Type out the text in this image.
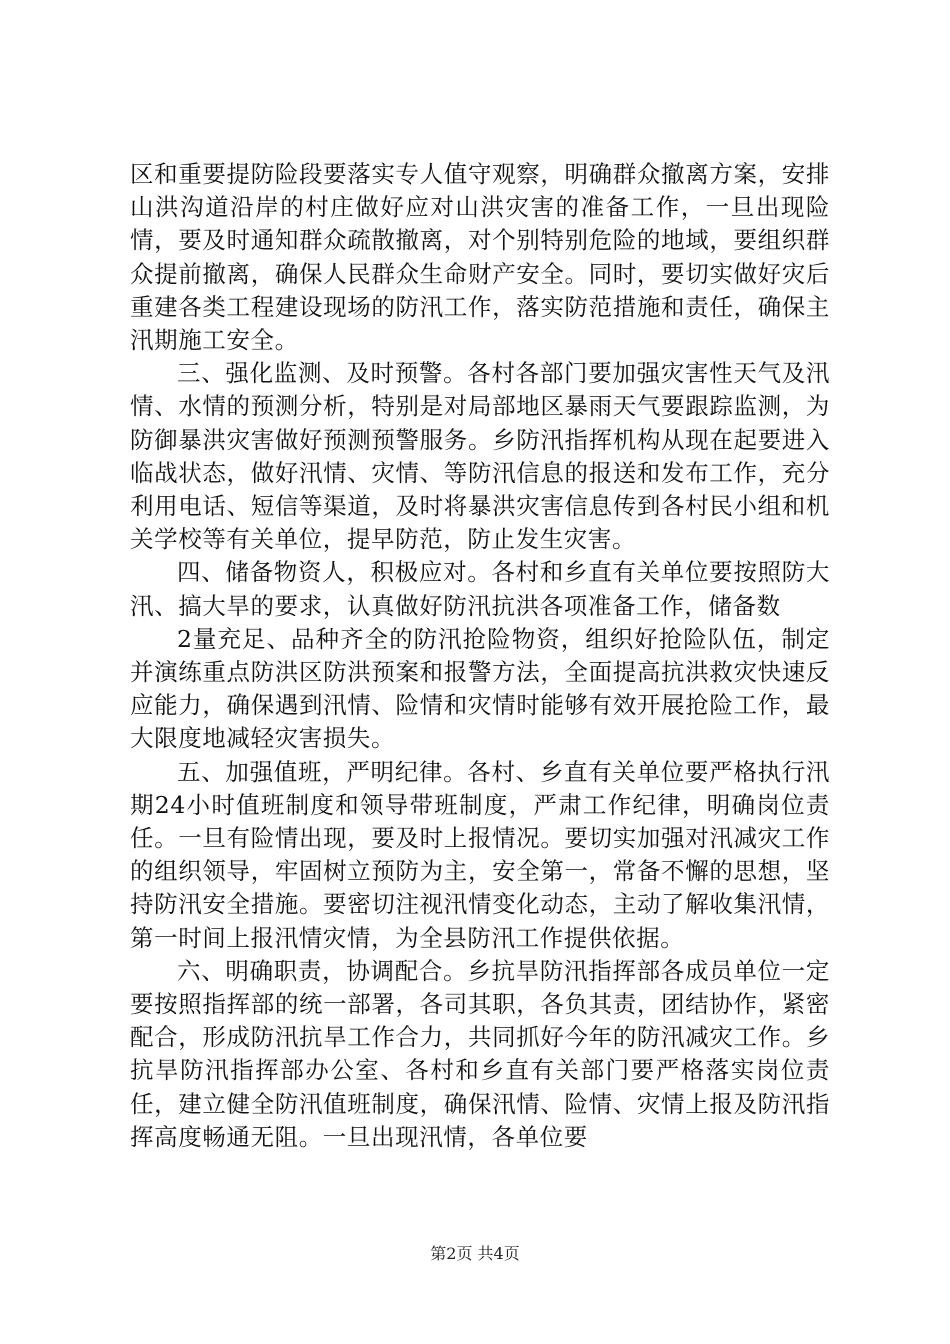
区和重要提防险段要落实专人值守观察，明确群众撤离方案，安排山洪沟道沿岸的村庄做好应对山洪灾害的准备工作，一旦出现险情，要及时通知群众疏散撤离，对个别特别危险的地域，要组织群众提前撤离，确保人民群众生命财产安全。同时，要切实做好灾后重建各类工程建设现场的防汛工作，落实防范措施和责任，确保主汛期施工安全。

三、强化监测、及时预警。各村各部门要加强灾害性天气及汛情、水情的预测分析，特别是对局部地区暴雨天气要跟踪监测，为防御暴洪灾害做好预测预警服务。乡防汛指挥机构从现在起要进入临战状态，做好汛情、灾情、等防汛信息的报送和发布工作，充分利用电话、短信等渠道，及时将暴洪灾害信息传到各村民小组和机关学校等有关单位，提早防范，防止发生灾害。

四、储备物资人，积极应对。各村和乡直有关单位要按照防大汛、搞大旱的要求，认真做好防汛抗洪各项准备工作，储备数

2量充足、品种齐全的防汛抢险物资，组织好抢险队伍，制定并演练重点防洪区防洪预案和报警方法，全面提高抗洪救灾快速反应能力，确保遇到汛情、险情和灾情时能够有效开展抢险工作，最大限度地减轻灾害损失。

五、加强值班，严明纪律。各村、乡直有关单位要严格执行汛期24小时值班制度和领导带班制度，严肃工作纪律，明确岗位责任。一旦有险情出现，要及时上报情况。要切实加强对汛减灾工作的组织领导，牢固树立预防为主，安全第一，常备不懈的思想，坚持防汛安全措施。要密切注视汛情变化动态，主动了解收集汛情，第一时间上报汛情灾情，为全县防汛工作提供依据。

六、明确职责，协调配合。乡抗旱防汛指挥部各成员单位一定要按照指挥部的统一部署，各司其职，各负其责，团结协作，紧密配合，形成防汛抗旱工作合力，共同抓好今年的防汛减灾工作。乡抗旱防汛指挥部办公室、各村和乡直有关部门要严格落实岗位责任，建立健全防汛值班制度，确保汛情、险情、灾情上报及防汛指挥高度畅通无阻。一旦出现汛情，各单位要

第2页 共4页
